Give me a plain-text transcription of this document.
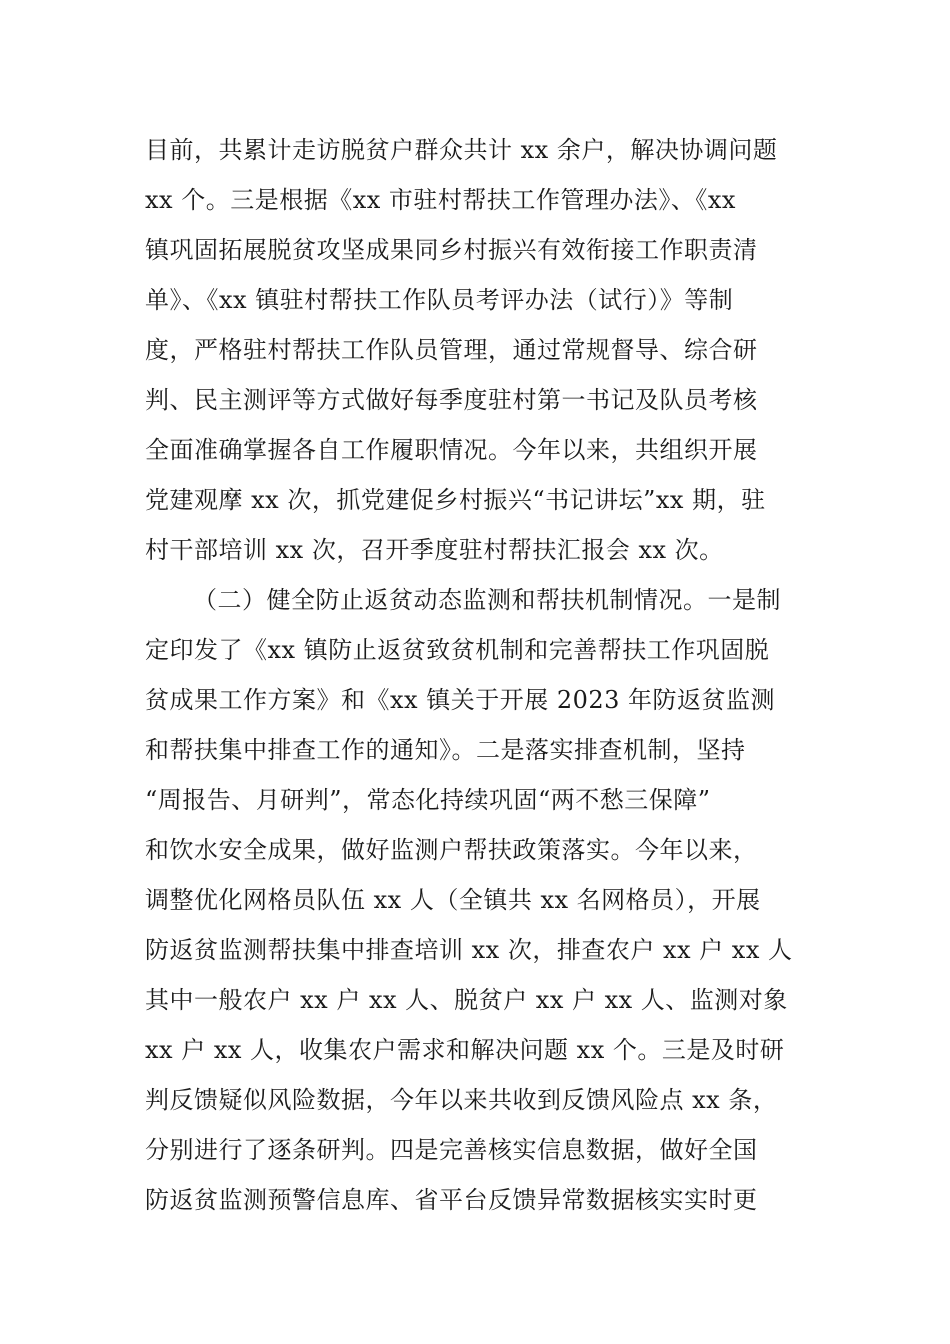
目前，共累计走访脱贫户群众共计 xx 余户，解决协调问题
xx 个。三是根据《xx 市驻村帮扶工作管理办法》、《xx
镇巩固拓展脱贫攻坚成果同乡村振兴有效衔接工作职责清
单》、《xx 镇驻村帮扶工作队员考评办法（试行）》等制
度，严格驻村帮扶工作队员管理，通过常规督导、综合研
判、民主测评等方式做好每季度驻村第一书记及队员考核
全面准确掌握各自工作履职情况。今年以来，共组织开展
党建观摩 xx 次，抓党建促乡村振兴“书记讲坛”xx 期，驻
村干部培训 xx 次，召开季度驻村帮扶汇报会 xx 次。
（二）健全防止返贫动态监测和帮扶机制情况。一是制
定印发了《xx 镇防止返贫致贫机制和完善帮扶工作巩固脱
贫成果工作方案》和《xx 镇关于开展 2023 年防返贫监测
和帮扶集中排查工作的通知》。二是落实排查机制，坚持
“周报告、月研判”，常态化持续巩固“两不愁三保障”
和饮水安全成果，做好监测户帮扶政策落实。今年以来，
调整优化网格员队伍 xx 人（全镇共 xx 名网格员），开展
防返贫监测帮扶集中排查培训 xx 次，排查农户 xx 户 xx 人
其中一般农户 xx 户 xx 人、脱贫户 xx 户 xx 人、监测对象
xx 户 xx 人，收集农户需求和解决问题 xx 个。三是及时研
判反馈疑似风险数据，今年以来共收到反馈风险点 xx 条，
分别进行了逐条研判。四是完善核实信息数据，做好全国
防返贫监测预警信息库、省平台反馈异常数据核实实时更
